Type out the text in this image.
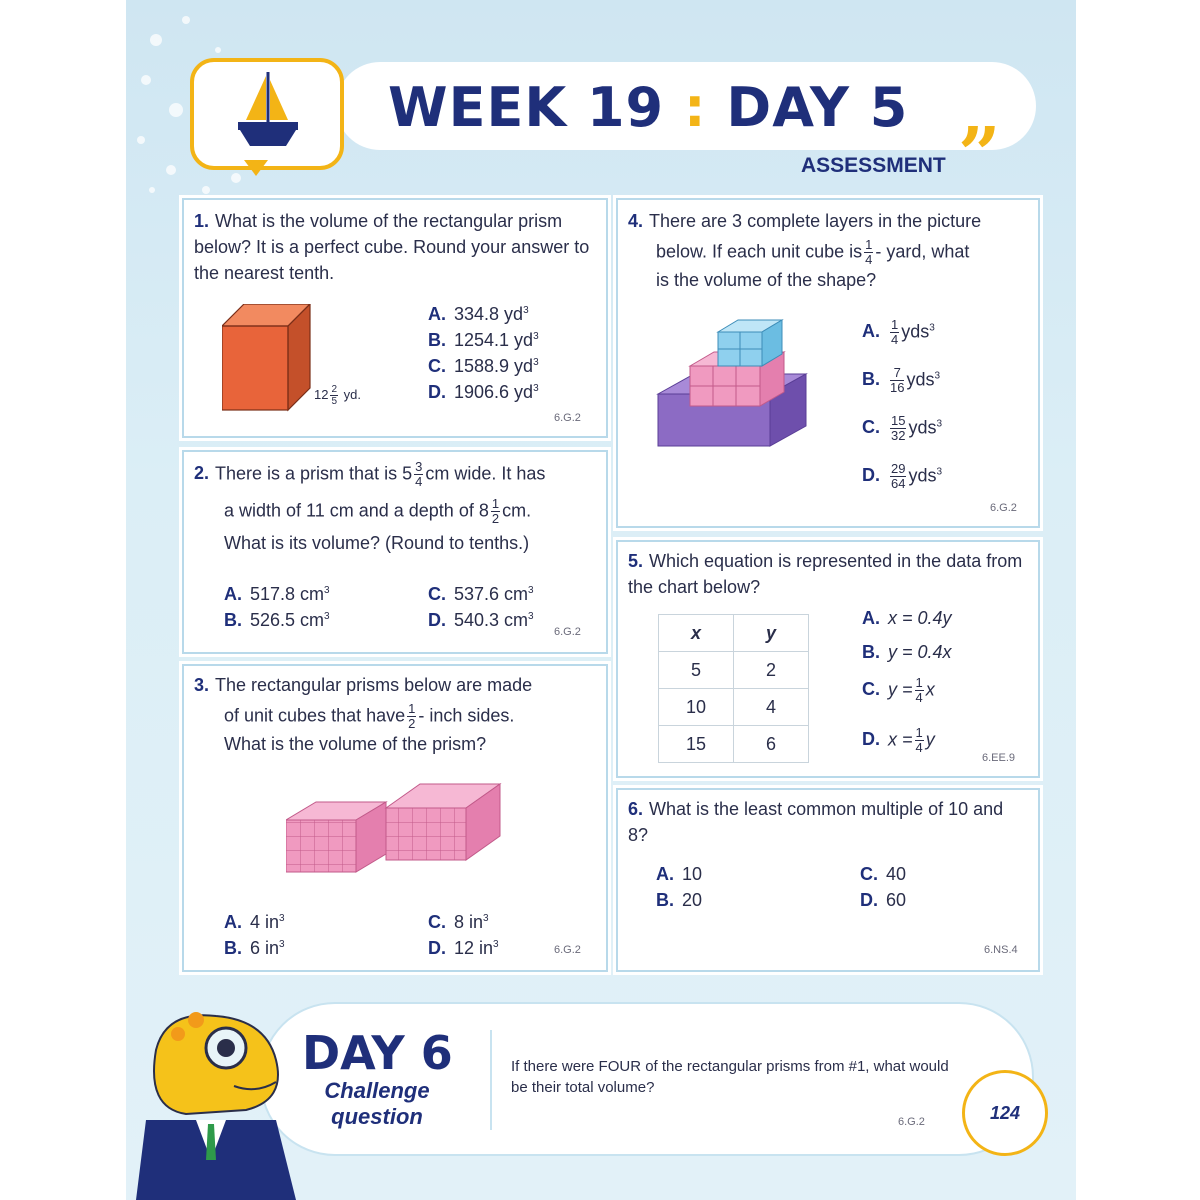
WEEK 19 : DAY 5
ASSESSMENT ”
1. What is the volume of the rectangular prism below? It is a perfect cube. Round your answer to the nearest tenth.
$12 \frac{2}{5}$ yd.
A. 334.8 $yd^3$
B. 1254.1 $yd^3$
C. 1588.9 $yd^3$
D. 1906.6 $yd^3$
6.G.2
2. There is a prism that is $5 \frac{3}{4}$ cm wide. It has
a width of 11 cm and a depth of $8 \frac{1}{2}$ cm.
What is its volume? (Round to tenths.)
A. 517.8 $cm^3$
B. 526.5 $cm^3$
C. 537.6 $cm^3$
D. 540.3 $cm^3$
6.G.2
3. The rectangular prisms below are made
of unit cubes that have $\frac{1}{2}$ - inch sides.
What is the volume of the prism?
A. 4 $in^3$
B. 6 $in^3$
C. 8 $in^3$
D. 12 $in^3$	6.G.2
4. There are 3 complete layers in the picture
below. If each unit cube is $\frac{1}{4}$ - yard, what
is the volume of the shape?
A. $\frac{1}{4} yds^3$
B. $\frac{7}{16} yds^3$
C. $\frac{15}{32} yds^3$
D. $\frac{29}{64} yds^3$
6.G.2
5. Which equation is represented in the data from the chart below?
x	y
5	2
10	4
15	6
A. x = 0.4y
B. y = 0.4x
C. $y = \frac{1}{4}$ x
D. $x = \frac{1}{4}$ y
6.EE.9
6. What is the least common multiple of 10 and 8?
A. 10
B. 20
C. 40
D. 60
6.NS.4
DAY 6
Challenge question
If there were FOUR of the rectangular prisms from #1, what would be their total volume?
6.G.2	124
